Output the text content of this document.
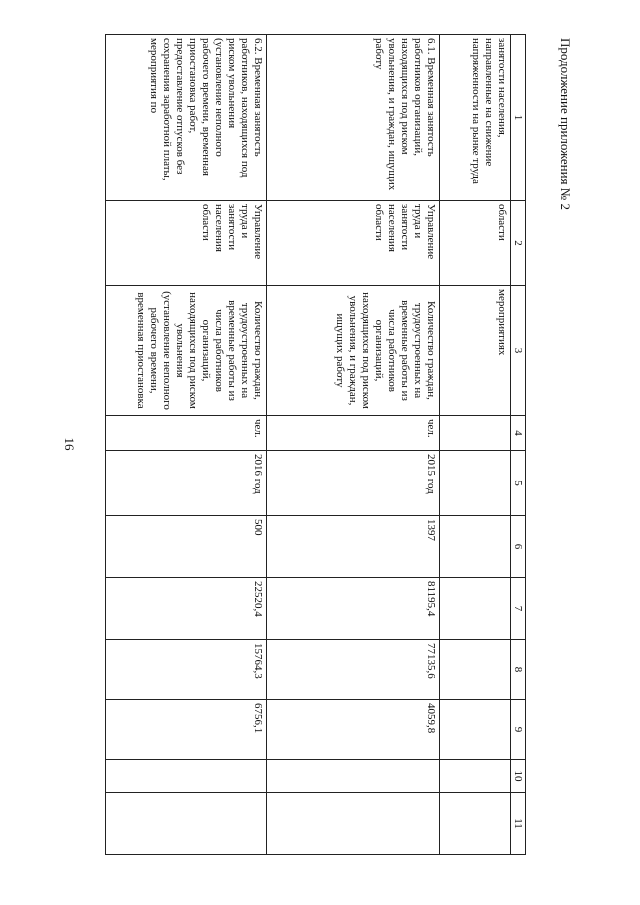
16
Продолжение приложения № 2
1	2	3	4	5	6	7	8	9	10	11
занятости населения, направленные на снижение напряженности на рынке труда	области	мероприятиях								
6.1. Временная занятость работников организаций, находящихся под риском увольнения, и граждан, ищущих работу	Управление труда и занятости населения области	Количество граждан, трудоустроенных на временные работы из числа работников организаций, находящихся под риском увольнения, и граждан, ищущих работу	чел.	2015 год	1397	81195,4	77135,6	4059,8		
6.2. Временная занятость работников, находящихся под риском увольнения (установление неполного рабочего времени, временная приостановка работ, предоставление отпусков без сохранения заработной платы, мероприятия по	Управление труда и занятости населения области	Количество граждан, трудоустроенных на временные работы из числа работников организаций, находящихся под риском увольнения (установление неполного рабочего времени, временная приостановка	чел.	2016 год	500	22520,4	15764,3	6756,1		
